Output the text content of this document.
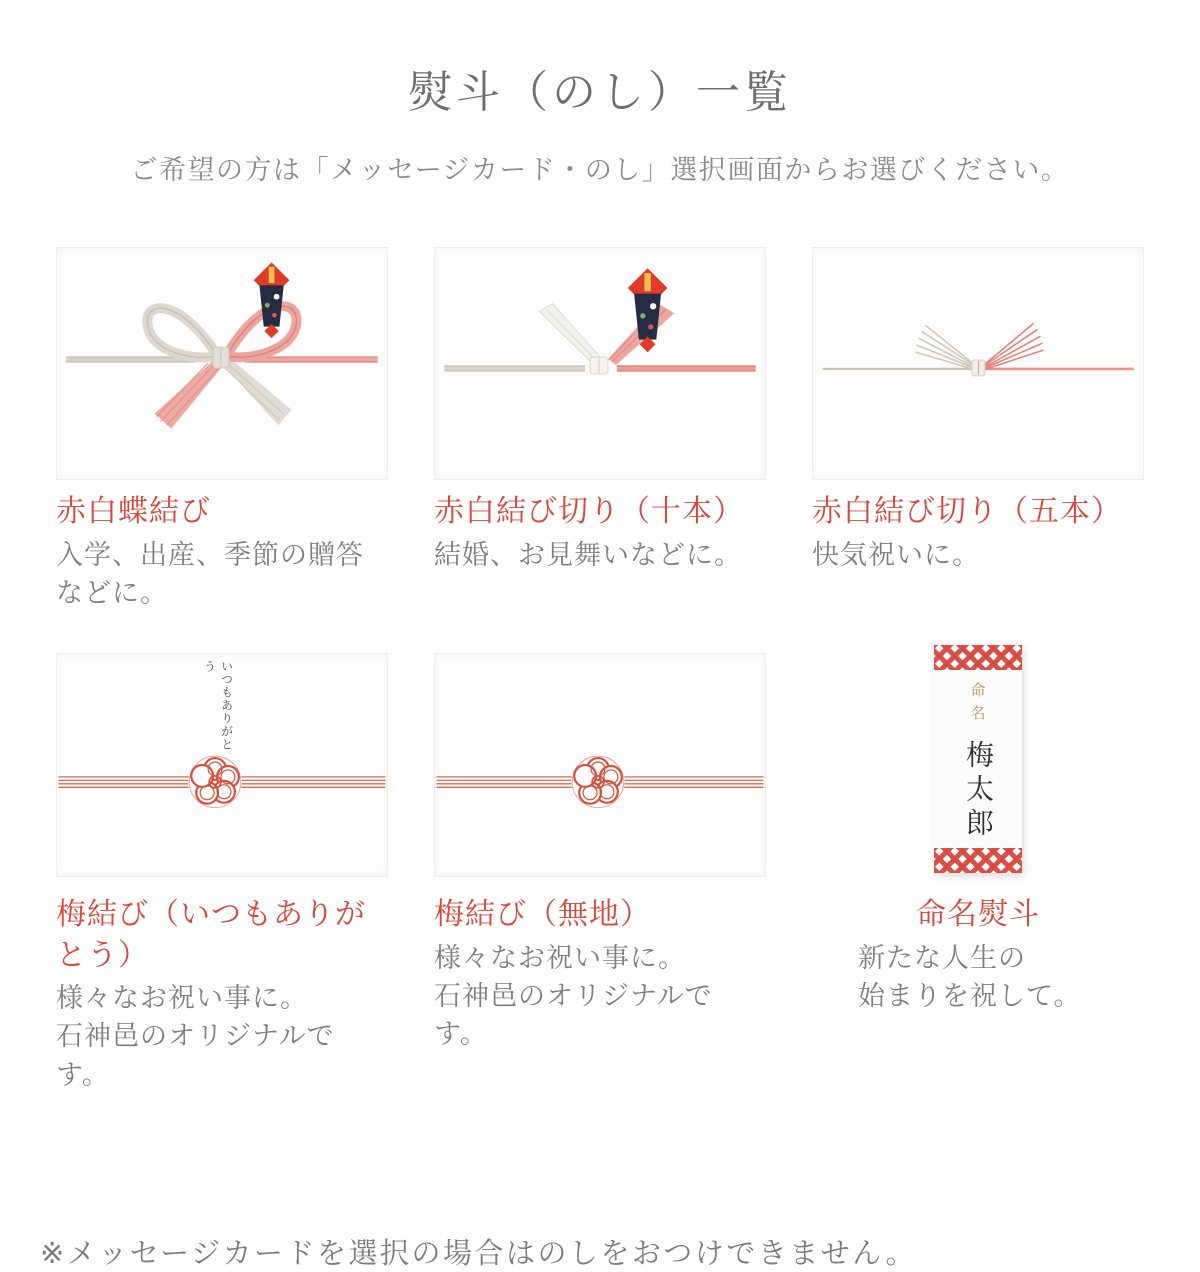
熨斗（のし）一覧
ご希望の方は「メッセージカード・のし」選択画面からお選びください。
赤白蝶結び
入学、出産、季節の贈答
などに。
赤白結び切り（十本）
結婚、お見舞いなどに。
赤白結び切り（五本）
快気祝いに。
いつもありがとう
梅結び（いつもありがとう）
様々なお祝い事に。
石神邑のオリジナルです。
梅結び（無地）
様々なお祝い事に。
石神邑のオリジナルです。
命名
梅太郎
命名熨斗
新たな人生の
始まりを祝して。
※メッセージカードを選択の場合はのしをおつけできません。
